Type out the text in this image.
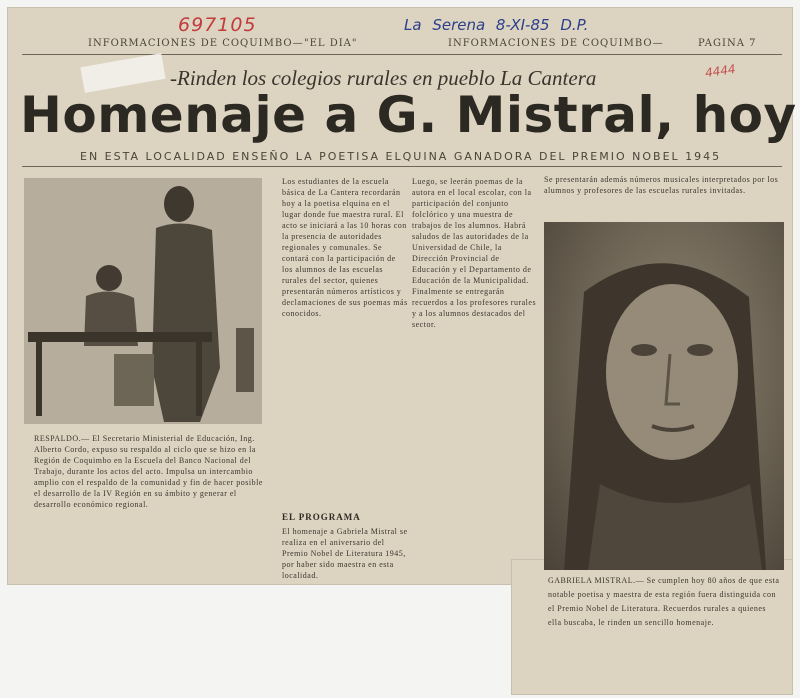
697105	La Serena 8-XI-85 D.P.
4444
INFORMACIONES DE COQUIMBO— "EL DIA"	INFORMACIONES DE COQUIMBO—	PAGINA 7
-Rinden los colegios rurales en pueblo La Cantera
Homenaje a G. Mistral, hoy
EN ESTA LOCALIDAD ENSEÑO LA POETISA ELQUINA GANADORA DEL PREMIO NOBEL 1945
RESPALDO.— El Secretario Ministerial de Educación, Ing. Alberto Cordo, expuso su respaldo al ciclo que se hizo en la Región de Coquimbo en la Escuela del Banco Nacional del Trabajo, durante los actos del acto. Impulsa un intercambio amplio con el respaldo de la comunidad y fin de hacer posible el desarrollo de la IV Región en su ámbito y generar el desarrollo económico regional.
GABRIELA MISTRAL.— Se cumplen hoy 80 años de que esta notable poetisa y maestra de esta región fuera distinguida con el Premio Nobel de Literatura. Recuerdos rurales a quienes ella buscaba, le rinden un sencillo homenaje.
Los estudiantes de la escuela básica de La Cantera recordarán hoy a la poetisa elquina en el lugar donde fue maestra rural. El acto se iniciará a las 10 horas con la presencia de autoridades regionales y comunales. Se contará con la participación de los alumnos de las escuelas rurales del sector, quienes presentarán números artísticos y declamaciones de sus poemas más conocidos.
EL PROGRAMA
El homenaje a Gabriela Mistral se realiza en el aniversario del Premio Nobel de Literatura 1945, por haber sido maestra en esta localidad.
Luego, se leerán poemas de la autora en el local escolar, con la participación del conjunto folclórico y una muestra de trabajos de los alumnos. Habrá saludos de las autoridades de la Universidad de Chile, la Dirección Provincial de Educación y el Departamento de Educación de la Municipalidad. Finalmente se entregarán recuerdos a los profesores rurales y a los alumnos destacados del sector.
Se presentarán además números musicales interpretados por los alumnos y profesores de las escuelas rurales invitadas.
